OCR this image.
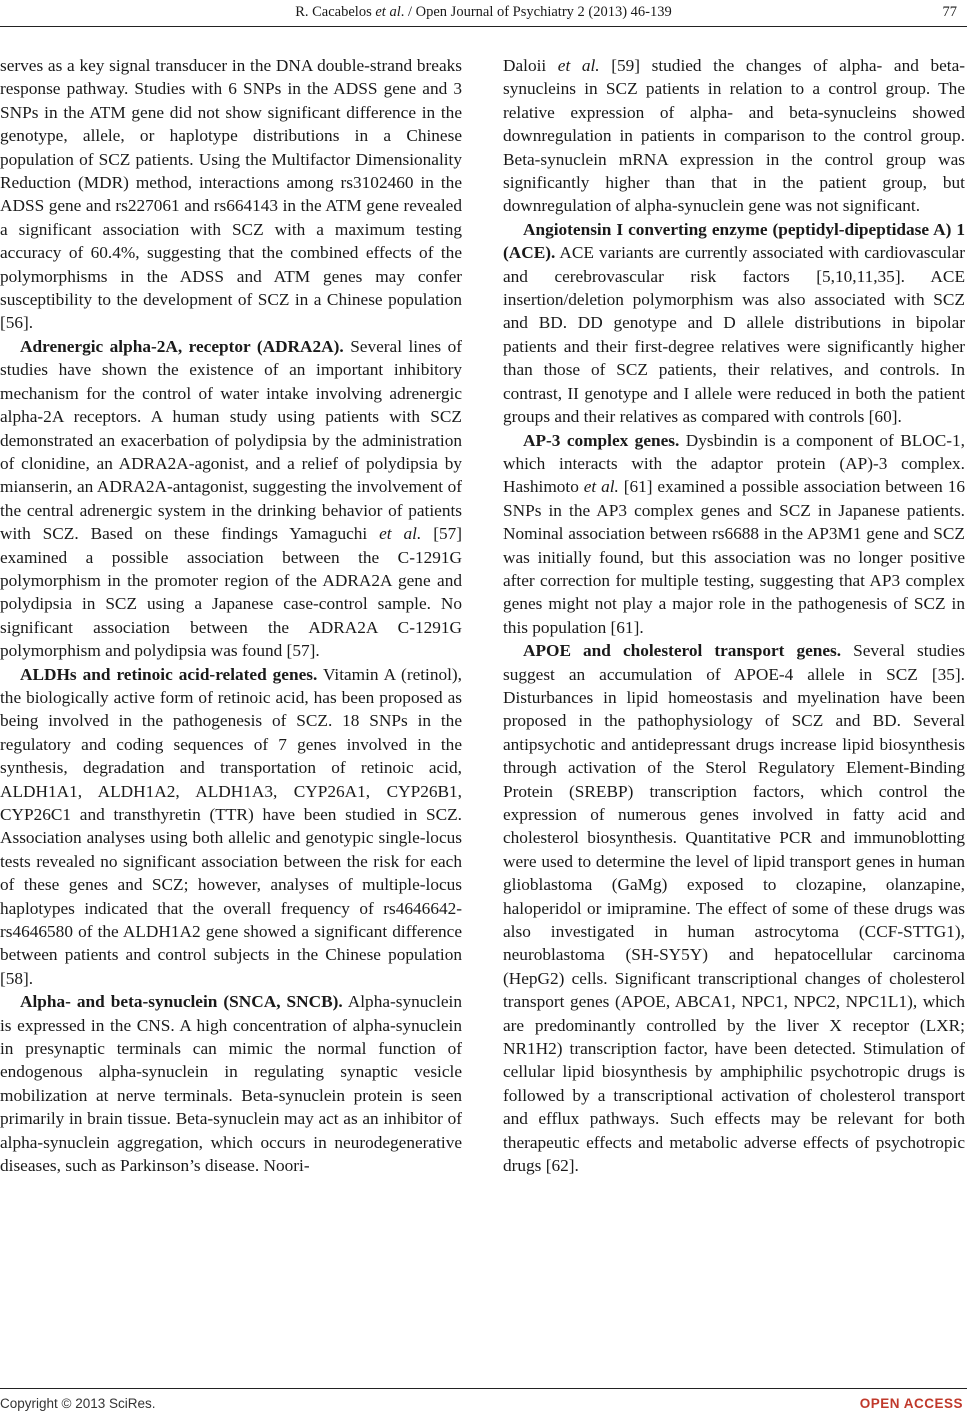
R. Cacabelos et al. / Open Journal of Psychiatry 2 (2013) 46-139	77

serves as a key signal transducer in the DNA double-strand breaks response pathway. Studies with 6 SNPs in the ADSS gene and 3 SNPs in the ATM gene did not show significant difference in the genotype, allele, or haplotype distributions in a Chinese population of SCZ patients. Using the Multifactor Dimensionality Reduction (MDR) method, interactions among rs3102460 in the ADSS gene and rs227061 and rs664143 in the ATM gene revealed a significant association with SCZ with a maximum testing accuracy of 60.4%, suggesting that the combined effects of the polymorphisms in the ADSS and ATM genes may confer susceptibility to the development of SCZ in a Chinese population [56].

Adrenergic alpha-2A, receptor (ADRA2A). Several lines of studies have shown the existence of an important inhibitory mechanism for the control of water intake involving adrenergic alpha-2A receptors. A human study using patients with SCZ demonstrated an exacerbation of polydipsia by the administration of clonidine, an ADRA2A-agonist, and a relief of polydipsia by mianserin, an ADRA2A-antagonist, suggesting the involvement of the central adrenergic system in the drinking behavior of patients with SCZ. Based on these findings Yamaguchi et al. [57] examined a possible association between the C-1291G polymorphism in the promoter region of the ADRA2A gene and polydipsia in SCZ using a Japanese case-control sample. No significant association between the ADRA2A C-1291G polymorphism and polydipsia was found [57].

ALDHs and retinoic acid-related genes. Vitamin A (retinol), the biologically active form of retinoic acid, has been proposed as being involved in the pathogenesis of SCZ. 18 SNPs in the regulatory and coding sequences of 7 genes involved in the synthesis, degradation and transportation of retinoic acid, ALDH1A1, ALDH1A2, ALDH1A3, CYP26A1, CYP26B1, CYP26C1 and transthyretin (TTR) have been studied in SCZ. Association analyses using both allelic and genotypic single-locus tests revealed no significant association between the risk for each of these genes and SCZ; however, analyses of multiple-locus haplotypes indicated that the overall frequency of rs4646642-rs4646580 of the ALDH1A2 gene showed a significant difference between patients and control subjects in the Chinese population [58].

Alpha- and beta-synuclein (SNCA, SNCB). Alpha-synuclein is expressed in the CNS. A high concentration of alpha-synuclein in presynaptic terminals can mimic the normal function of endogenous alpha-synuclein in regulating synaptic vesicle mobilization at nerve terminals. Beta-synuclein protein is seen primarily in brain tissue. Beta-synuclein may act as an inhibitor of alpha-synuclein aggregation, which occurs in neurodegenerative diseases, such as Parkinson’s disease. Noori-

Daloii et al. [59] studied the changes of alpha- and beta-synucleins in SCZ patients in relation to a control group. The relative expression of alpha- and beta-synucleins showed downregulation in patients in comparison to the control group. Beta-synuclein mRNA expression in the control group was significantly higher than that in the patient group, but downregulation of alpha-synuclein gene was not significant.

Angiotensin I converting enzyme (peptidyl-dipeptidase A) 1 (ACE). ACE variants are currently associated with cardiovascular and cerebrovascular risk factors [5,10,11,35]. ACE insertion/deletion polymorphism was also associated with SCZ and BD. DD genotype and D allele distributions in bipolar patients and their first-degree relatives were significantly higher than those of SCZ patients, their relatives, and controls. In contrast, II genotype and I allele were reduced in both the patient groups and their relatives as compared with controls [60].

AP-3 complex genes. Dysbindin is a component of BLOC-1, which interacts with the adaptor protein (AP)-3 complex. Hashimoto et al. [61] examined a possible association between 16 SNPs in the AP3 complex genes and SCZ in Japanese patients. Nominal association between rs6688 in the AP3M1 gene and SCZ was initially found, but this association was no longer positive after correction for multiple testing, suggesting that AP3 complex genes might not play a major role in the pathogenesis of SCZ in this population [61].

APOE and cholesterol transport genes. Several studies suggest an accumulation of APOE-4 allele in SCZ [35]. Disturbances in lipid homeostasis and myelination have been proposed in the pathophysiology of SCZ and BD. Several antipsychotic and antidepressant drugs increase lipid biosynthesis through activation of the Sterol Regulatory Element-Binding Protein (SREBP) transcription factors, which control the expression of numerous genes involved in fatty acid and cholesterol biosynthesis. Quantitative PCR and immunoblotting were used to determine the level of lipid transport genes in human glioblastoma (GaMg) exposed to clozapine, olanzapine, haloperidol or imipramine. The effect of some of these drugs was also investigated in human astrocytoma (CCF-STTG1), neuroblastoma (SH-SY5Y) and hepatocellular carcinoma (HepG2) cells. Significant transcriptional changes of cholesterol transport genes (APOE, ABCA1, NPC1, NPC2, NPC1L1), which are predominantly controlled by the liver X receptor (LXR; NR1H2) transcription factor, have been detected. Stimulation of cellular lipid biosynthesis by amphiphilic psychotropic drugs is followed by a transcriptional activation of cholesterol transport and efflux pathways. Such effects may be relevant for both therapeutic effects and metabolic adverse effects of psychotropic drugs [62].

Copyright © 2013 SciRes.	OPEN ACCESS
